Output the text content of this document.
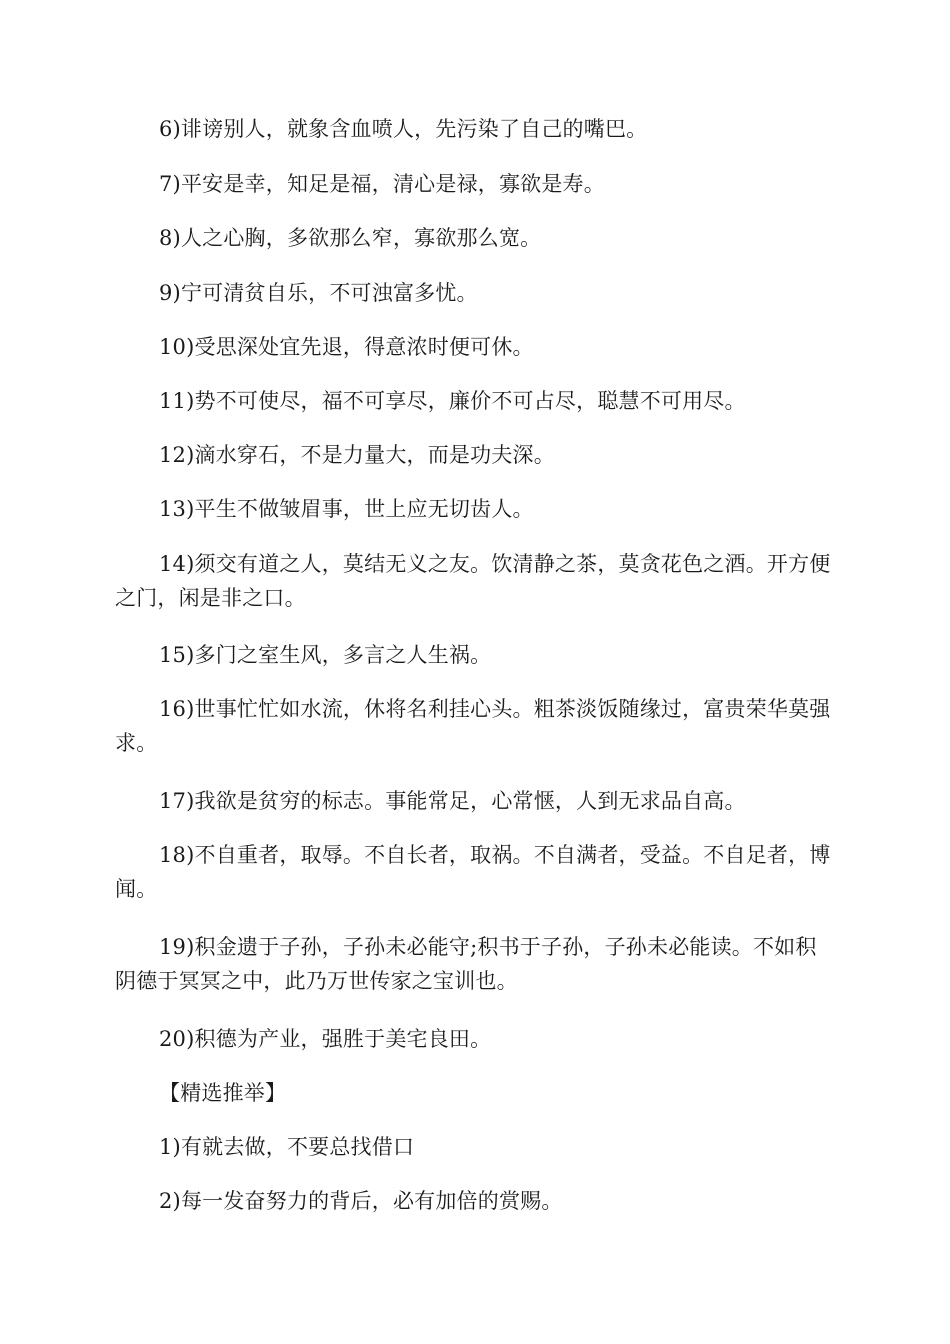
6)诽谤别人，就象含血喷人，先污染了自己的嘴巴。

7)平安是幸，知足是福，清心是禄，寡欲是寿。

8)人之心胸，多欲那么窄，寡欲那么宽。

9)宁可清贫自乐，不可浊富多忧。

10)受思深处宜先退，得意浓时便可休。

11)势不可使尽，福不可享尽，廉价不可占尽，聪慧不可用尽。

12)滴水穿石，不是力量大，而是功夫深。

13)平生不做皱眉事，世上应无切齿人。

14)须交有道之人，莫结无义之友。饮清静之茶，莫贪花色之酒。开方便之门，闲是非之口。

15)多门之室生风，多言之人生祸。

16)世事忙忙如水流，休将名利挂心头。粗茶淡饭随缘过，富贵荣华莫强求。

17)我欲是贫穷的标志。事能常足，心常惬，人到无求品自高。

18)不自重者，取辱。不自长者，取祸。不自满者，受益。不自足者，博闻。

19)积金遗于子孙，子孙未必能守;积书于子孙，子孙未必能读。不如积阴德于冥冥之中，此乃万世传家之宝训也。

20)积德为产业，强胜于美宅良田。

【精选推举】

1)有就去做，不要总找借口

2)每一发奋努力的背后，必有加倍的赏赐。
